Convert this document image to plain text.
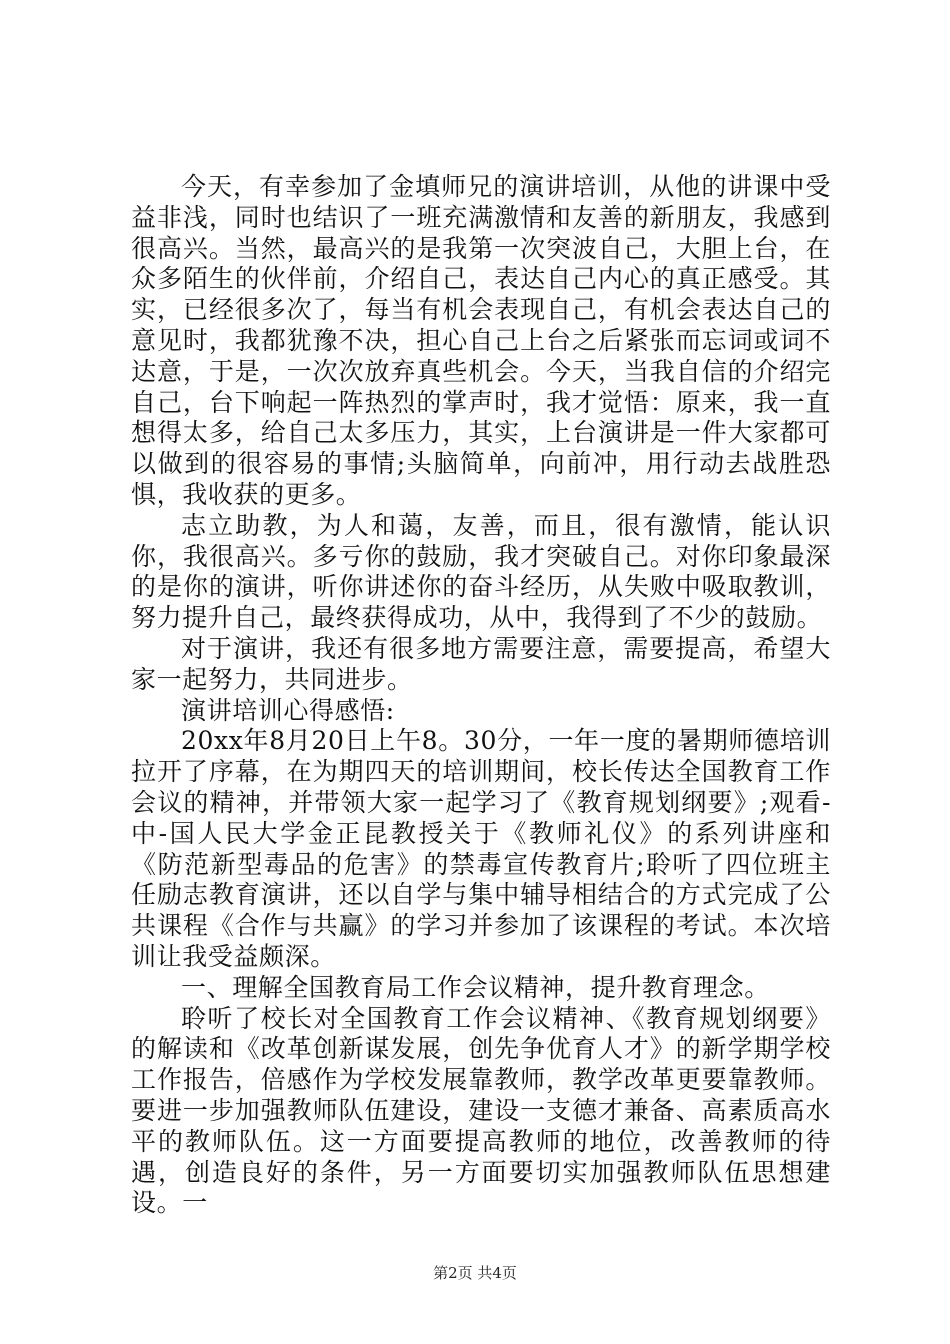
今天，有幸参加了金填师兄的演讲培训，从他的讲课中受益非浅，同时也结识了一班充满激情和友善的新朋友，我感到很高兴。当然，最高兴的是我第一次突波自己，大胆上台，在众多陌生的伙伴前，介绍自己，表达自己内心的真正感受。其实，已经很多次了，每当有机会表现自己，有机会表达自己的意见时，我都犹豫不决，担心自己上台之后紧张而忘词或词不达意，于是，一次次放弃真些机会。今天，当我自信的介绍完自己，台下响起一阵热烈的掌声时，我才觉悟：原来，我一直想得太多，给自己太多压力，其实，上台演讲是一件大家都可以做到的很容易的事情;头脑简单，向前冲，用行动去战胜恐惧，我收获的更多。

志立助教，为人和蔼，友善，而且，很有激情，能认识你，我很高兴。多亏你的鼓励，我才突破自己。对你印象最深的是你的演讲，听你讲述你的奋斗经历，从失败中吸取教训，努力提升自己，最终获得成功，从中，我得到了不少的鼓励。

对于演讲，我还有很多地方需要注意，需要提高，希望大家一起努力，共同进步。

演讲培训心得感悟:

20xx年8月20日上午8。30分，一年一度的暑期师德培训拉开了序幕，在为期四天的培训期间，校长传达全国教育工作会议的精神，并带领大家一起学习了《教育规划纲要》;观看-中-国人民大学金正昆教授关于《教师礼仪》的系列讲座和《防范新型毒品的危害》的禁毒宣传教育片;聆听了四位班主任励志教育演讲，还以自学与集中辅导相结合的方式完成了公共课程《合作与共赢》的学习并参加了该课程的考试。本次培训让我受益颇深。

一、理解全国教育局工作会议精神，提升教育理念。

聆听了校长对全国教育工作会议精神、《教育规划纲要》的解读和《改革创新谋发展，创先争优育人才》的新学期学校工作报告，倍感作为学校发展靠教师，教学改革更要靠教师。要进一步加强教师队伍建设，建设一支德才兼备、高素质高水平的教师队伍。这一方面要提高教师的地位，改善教师的待遇，创造良好的条件，另一方面要切实加强教师队伍思想建设。一

第2页 共4页
